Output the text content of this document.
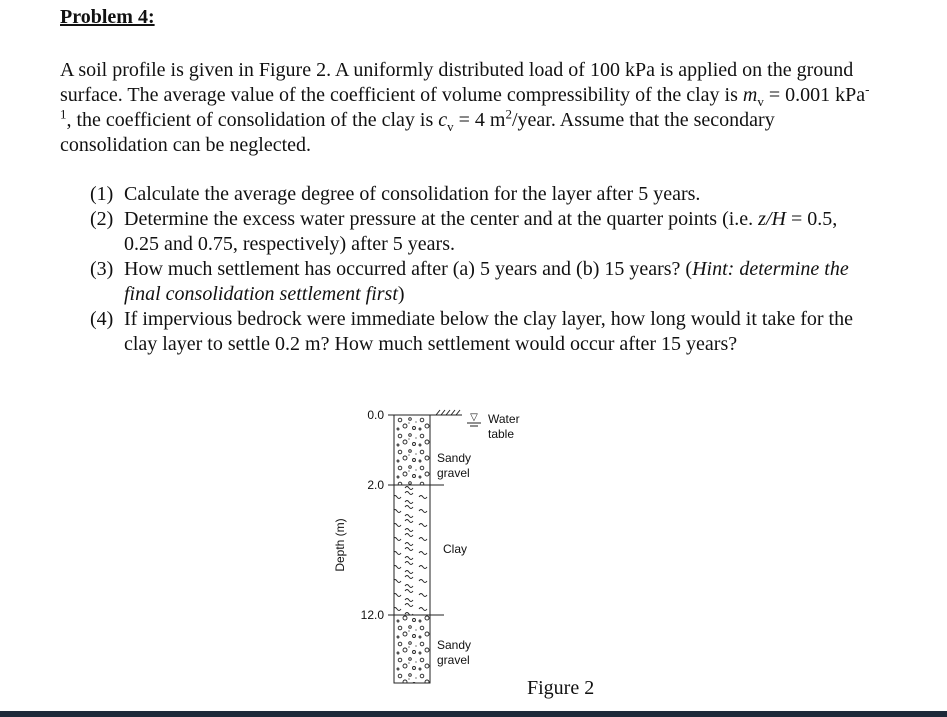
Problem 4:

A soil profile is given in Figure 2. A uniformly distributed load of 100 kPa is applied on the ground surface. The average value of the coefficient of volume compressibility of the clay is $m_v = 0.001$ kPa$^{-1}$, the coefficient of consolidation of the clay is $c_v = 4$ $m^2$/year. Assume that the secondary consolidation can be neglected.

(1) Calculate the average degree of consolidation for the layer after 5 years.
(2) Determine the excess water pressure at the center and at the quarter points (i.e. z/H = 0.5, 0.25 and 0.75, respectively) after 5 years.
(3) How much settlement has occurred after (a) 5 years and (b) 15 years? (Hint: determine the final consolidation settlement first)
(4) If impervious bedrock were immediate below the clay layer, how long would it take for the clay layer to settle 0.2 m? How much settlement would occur after 15 years?
Depth (m)
0.0
2.0
12.0
▽ Water
table
Sandy
gravel
Clay
Sandy
gravel

Figure 2
